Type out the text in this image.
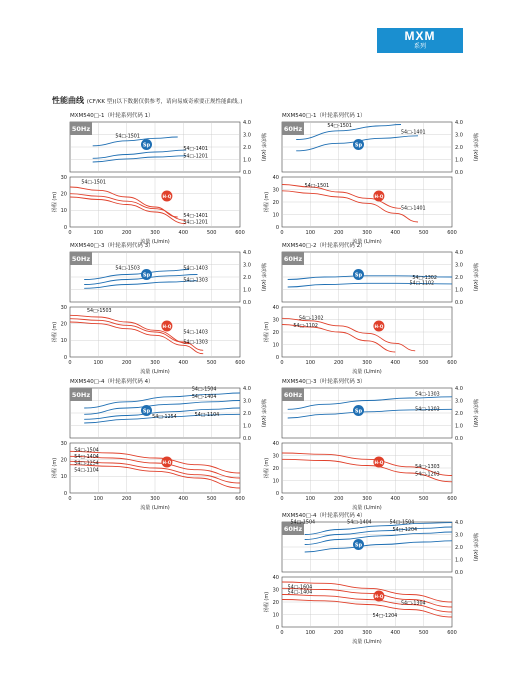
MXM
系列
性能曲线 (CF/KK 型)(以下数据仅供参考，请向易威奇索要正规性能曲线。)
MXM540□-1（叶轮系列代码 1）
0	100	200	300	400	500	600
0.0
1.0
2.0
3.0
4.0
0
10
20
30
流量 (L/min)
扬程 (m)
轴功率 (kW)
50Hz
Sp
H-Q
54□-1501
54□-1401
54□-1201
54□-1501
54□-1401
54□-1201
MXM540□-1（叶轮系列代码 1）
0	100	200	300	400	500	600
0.0
1.0
2.0
3.0
4.0
0
10
20
30
40
流量 (L/min)
扬程 (m)
轴功率 (kW)
60Hz
Sp
H-Q
54□-1501
54□-1401
54□-1501
54□-1401
MXM540□-3（叶轮系列代码 3）
0	100	200	300	400	500	600
0.0
1.0
2.0
3.0
4.0
0
10
20
30
流量 (L/min)
扬程 (m)
轴功率 (kW)
50Hz
Sp
H-Q
54□-1503	54□-1403
54□-1303
54□-1503
54□-1403
54□-1303
MXM540□-2（叶轮系列代码 2）
0	100	200	300	400	500	600
0.0
1.0
2.0
3.0
4.0
0
10
20
30
40
流量 (L/min)
扬程 (m)
轴功率 (kW)
60Hz
Sp
H-Q
54□-1302
54□-1102
54□-1302
54□-1102
MXM540□-4（叶轮系列代码 4）
0	100	200	300	400	500	600
0.0
1.0
2.0
3.0
4.0
0
10
20
30
流量 (L/min)
扬程 (m)
轴功率 (kW)
50Hz
Sp
H-Q
54□-1504
54□-1404
54□-1254	54□-1104
54□-1504
54□-1404
54□-1254
54□-1104
MXM540□-3（叶轮系列代码 3）
0	100	200	300	400	500	600
0.0
1.0
2.0
3.0
4.0
0
10
20
30
40
流量 (L/min)
扬程 (m)
轴功率 (kW)
60Hz
Sp
H-Q
54□-1303
54□-1203
54□-1303
54□-1203
MXM540□-4（叶轮系列代码 4）
0	100	200	300	400	500	600
0.0
1.0
2.0
3.0
4.0
0
10
20
30
40
流量 (L/min)
扬程 (m)
轴功率 (kW)
60Hz
Sp
H-Q
54□-1504	54□-1404	54□-1504
54□-1204
54□-1604
54□-1404
54□-1304
54□-1204
